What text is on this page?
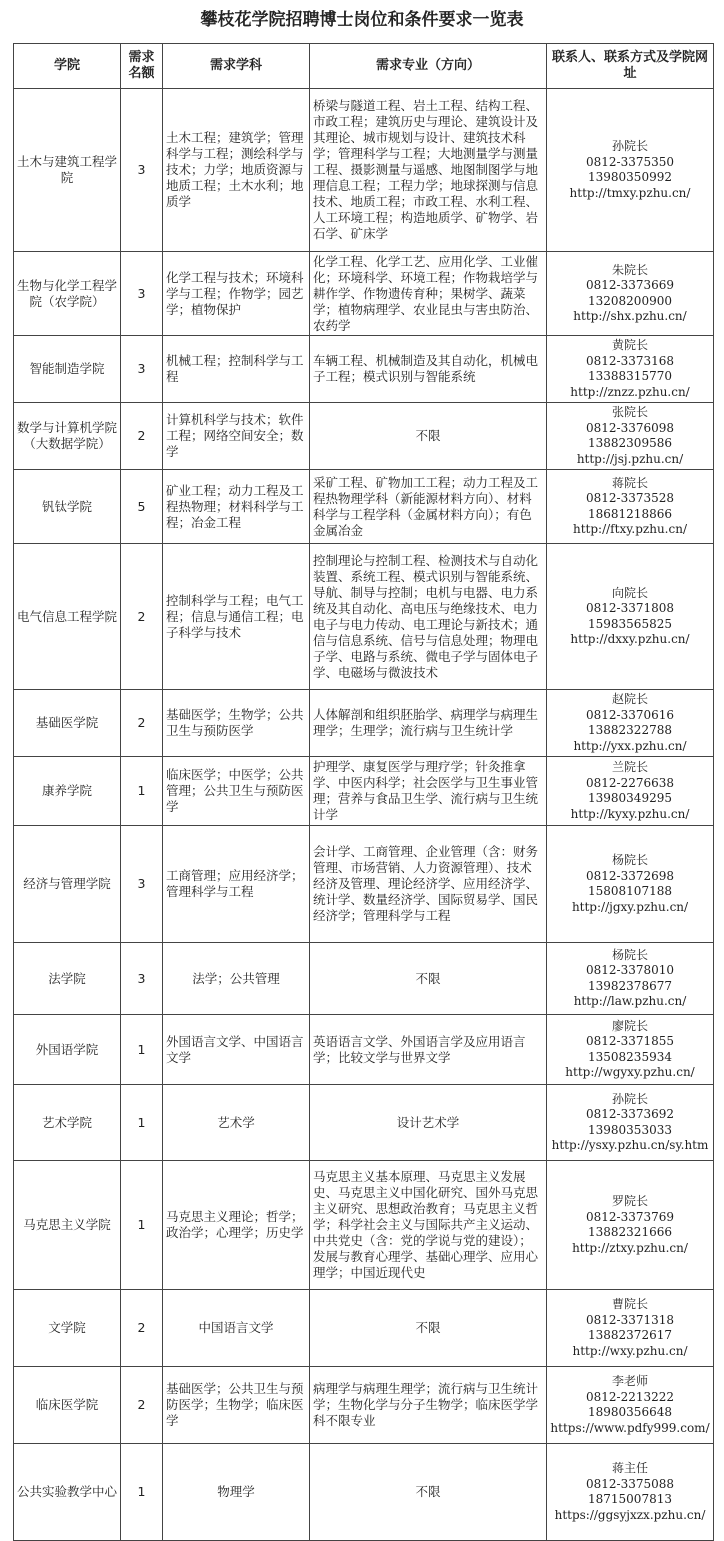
攀枝花学院招聘博士岗位和条件要求一览表
学院	需求名额	需求学科	需求专业（方向）	联系人、联系方式及学院网址
土木与建筑工程学院	3	土木工程；建筑学；管理科学与工程；测绘科学与技术；力学；地质资源与地质工程；土木水利；地质学	桥梁与隧道工程、岩土工程、结构工程、市政工程；建筑历史与理论、建筑设计及其理论、城市规划与设计、建筑技术科学；管理科学与工程；大地测量学与测量工程、摄影测量与遥感、地图制图学与地理信息工程；工程力学；地球探测与信息技术、地质工程；市政工程、水利工程、人工环境工程；构造地质学、矿物学、岩石学、矿床学	孙院长
0812-3375350
13980350992
http://tmxy.pzhu.cn/

生物与化学工程学院（农学院）	3	化学工程与技术；环境科学与工程；作物学；园艺学；植物保护	化学工程、化学工艺、应用化学、工业催化；环境科学、环境工程；作物栽培学与耕作学、作物遗传育种；果树学、蔬菜学；植物病理学、农业昆虫与害虫防治、农药学	朱院长
0812-3373669
13208200900
http://shx.pzhu.cn/

智能制造学院	3	机械工程；控制科学与工程	车辆工程、机械制造及其自动化，机械电子工程；模式识别与智能系统	黄院长
0812-3373168
13388315770
http://znzz.pzhu.cn/

数学与计算机学院（大数据学院）	2	计算机科学与技术；软件工程；网络空间安全；数学	不限	张院长
0812-3376098
13882309586
http://jsj.pzhu.cn/

钒钛学院	5	矿业工程；动力工程及工程热物理；材料科学与工程；冶金工程	采矿工程、矿物加工工程；动力工程及工程热物理学科（新能源材料方向）、材料科学与工程学科（金属材料方向）；有色金属冶金	蒋院长
0812-3373528
18681218866
http://ftxy.pzhu.cn/

电气信息工程学院	2	控制科学与工程；电气工程；信息与通信工程；电子科学与技术	控制理论与控制工程、检测技术与自动化装置、系统工程、模式识别与智能系统、导航、制导与控制；电机与电器、电力系统及其自动化、高电压与绝缘技术、电力电子与电力传动、电工理论与新技术；通信与信息系统、信号与信息处理；物理电子学、电路与系统、微电子学与固体电子学、电磁场与微波技术	向院长
0812-3371808
15983565825
http://dxxy.pzhu.cn/

基础医学院	2	基础医学；生物学；公共卫生与预防医学	人体解剖和组织胚胎学、病理学与病理生理学；生理学；流行病与卫生统计学	赵院长
0812-3370616
13882322788
http://yxx.pzhu.cn/

康养学院	1	临床医学；中医学；公共管理；公共卫生与预防医学	护理学、康复医学与理疗学；针灸推拿学、中医内科学；社会医学与卫生事业管理；营养与食品卫生学、流行病与卫生统计学	兰院长
0812-2276638
13980349295
http://kyxy.pzhu.cn/

经济与管理学院	3	工商管理；应用经济学；管理科学与工程	会计学、工商管理、企业管理（含：财务管理、市场营销、人力资源管理）、技术经济及管理、理论经济学、应用经济学、统计学、数量经济学、国际贸易学、国民经济学；管理科学与工程	杨院长
0812-3372698
15808107188
http://jgxy.pzhu.cn/

法学院	3	法学；公共管理	不限	杨院长
0812-3378010
13982378677
http://law.pzhu.cn/

外国语学院	1	外国语言文学、中国语言文学	英语语言文学、外国语言学及应用语言学；比较文学与世界文学	廖院长
0812-3371855
13508235934
http://wgyxy.pzhu.cn/

艺术学院	1	艺术学	设计艺术学	孙院长
0812-3373692
13980353033
http://ysxy.pzhu.cn/sy.htm

马克思主义学院	1	马克思主义理论；哲学；政治学；心理学；历史学	马克思主义基本原理、马克思主义发展史、马克思主义中国化研究、国外马克思主义研究、思想政治教育；马克思主义哲学；科学社会主义与国际共产主义运动、中共党史（含：党的学说与党的建设）；发展与教育心理学、基础心理学、应用心理学；中国近现代史	罗院长
0812-3373769
13882321666
http://ztxy.pzhu.cn/

文学院	2	中国语言文学	不限	曹院长
0812-3371318
13882372617
http://wxy.pzhu.cn/

临床医学院	2	基础医学；公共卫生与预防医学；生物学；临床医学	病理学与病理生理学；流行病与卫生统计学；生物化学与分子生物学；临床医学学科不限专业	李老师
0812-2213222
18980356648
https://www.pdfy999.com/

公共实验教学中心	1	物理学	不限	蒋主任
0812-3375088
18715007813
https://ggsyjxzx.pzhu.cn/
